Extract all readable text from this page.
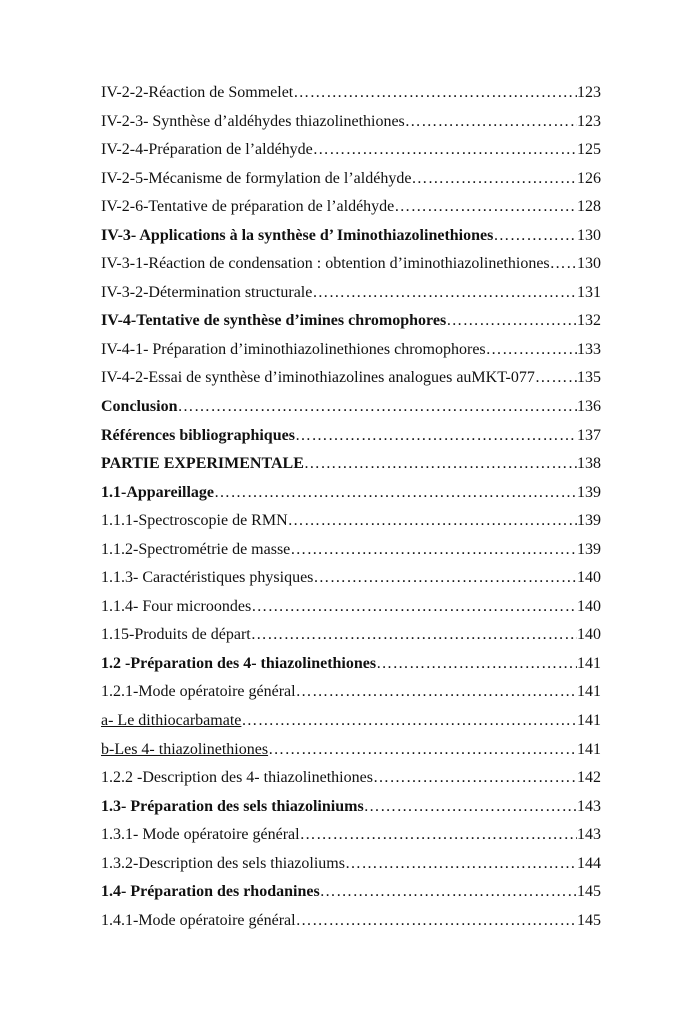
IV-2-2-Réaction de Sommelet …………………………………………………………………………………………………………………………………………………	123
IV-2-3- Synthèse d’aldéhydes thiazolinethiones …………………………………………………………………………………………………………………………………………………	123
IV-2-4-Préparation de l’aldéhyde …………………………………………………………………………………………………………………………………………………	125
IV-2-5-Mécanisme de formylation de l’aldéhyde …………………………………………………………………………………………………………………………………………………	126
IV-2-6-Tentative de préparation de l’aldéhyde …………………………………………………………………………………………………………………………………………………	128
IV-3- Applications à la synthèse d’ Iminothiazolinethiones …………………………………………………………………………………………………………………………………………………	130
IV-3-1-Réaction de condensation : obtention d’iminothiazolinethiones ………………………………………………………………………………………………………………………………………………… 130
IV-3-2-Détermination structurale …………………………………………………………………………………………………………………………………………………	131
IV-4-Tentative de synthèse d’imines chromophores …………………………………………………………………………………………………………………………………………………	132
IV-4-1- Préparation d’iminothiazolinethiones chromophores …………………………………………………………………………………………………………………………………………………	133
IV-4-2-Essai de synthèse d’iminothiazolines analogues auMKT-077 …………………………………………………………………………………………………………………………………………………	135
Conclusion …………………………………………………………………………………………………………………………………………………	136
Références bibliographiques …………………………………………………………………………………………………………………………………………………	137
PARTIE EXPERIMENTALE …………………………………………………………………………………………………………………………………………………	138
1.1-Appareillage …………………………………………………………………………………………………………………………………………………	139
1.1.1-Spectroscopie de RMN …………………………………………………………………………………………………………………………………………………	139
1.1.2-Spectrométrie de masse …………………………………………………………………………………………………………………………………………………	139
1.1.3- Caractéristiques physiques …………………………………………………………………………………………………………………………………………………	140
1.1.4- Four microondes …………………………………………………………………………………………………………………………………………………	140
1.15-Produits de départ …………………………………………………………………………………………………………………………………………………	140
1.2 -Préparation des 4- thiazolinethiones …………………………………………………………………………………………………………………………………………………	141
1.2.1-Mode opératoire général …………………………………………………………………………………………………………………………………………………	141
a- Le dithiocarbamate …………………………………………………………………………………………………………………………………………………	141
b-Les 4- thiazolinethiones …………………………………………………………………………………………………………………………………………………	141
1.2.2 -Description des 4- thiazolinethiones …………………………………………………………………………………………………………………………………………………	142
1.3- Préparation des sels thiazoliniums …………………………………………………………………………………………………………………………………………………	143
1.3.1- Mode opératoire général …………………………………………………………………………………………………………………………………………………	143
1.3.2-Description des sels thiazoliums …………………………………………………………………………………………………………………………………………………	144
1.4- Préparation des rhodanines …………………………………………………………………………………………………………………………………………………	145
1.4.1-Mode opératoire général …………………………………………………………………………………………………………………………………………………	145
